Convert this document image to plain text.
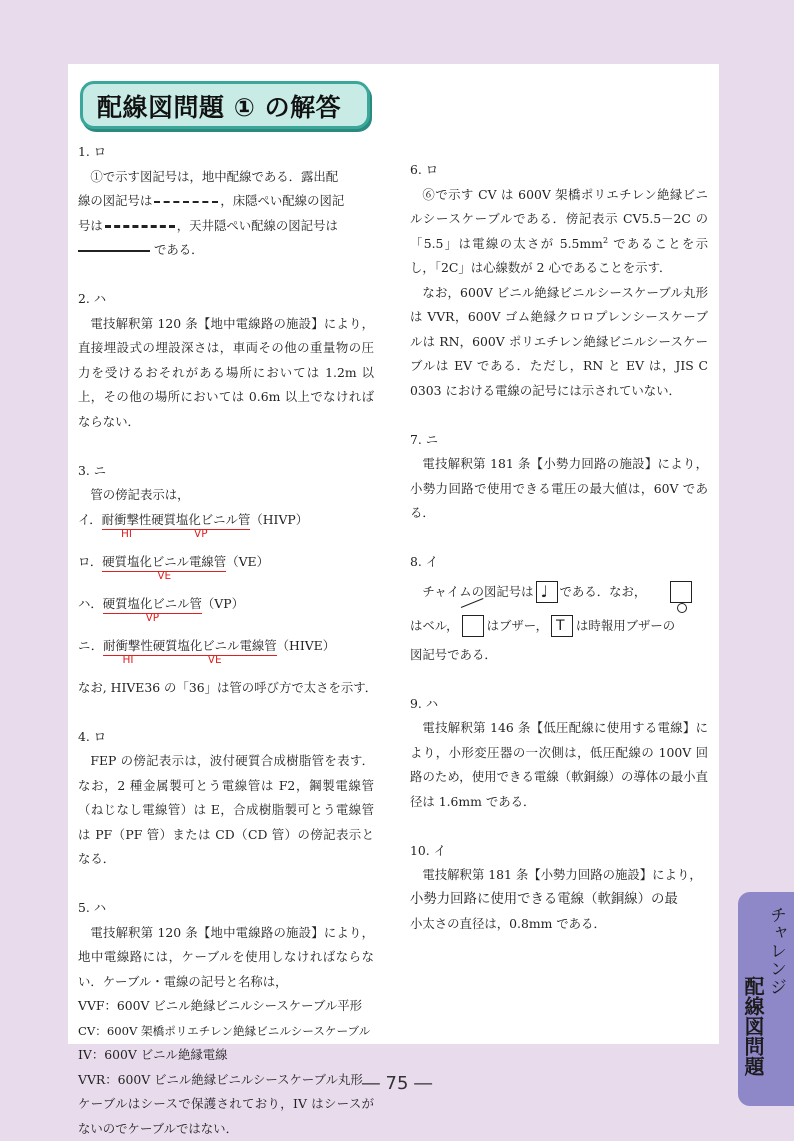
配線図問題 ① の解答
1. ロ
①で示す図記号は，地中配線である．露出配
線の図記号は	，床隠ぺい配線の図記
号は	，天井隠ぺい配線の図記号は
である．
2. ハ
電技解釈第 120 条【地中電線路の施設】により，直接埋設式の埋設深さは，車両その他の重量物の圧力を受けるおそれがある場所においては 1.2m 以上，その他の場所においては 0.6m 以上でなければならない．
3. ニ
管の傍記表示は，
イ．耐衝撃性
HI
硬質塩化ビニル管
VP
（HIVP）
ロ．硬質塩化ビニル電線管
VE
（VE）
ハ．硬質塩化ビニル管
VP
（VP）
ニ．耐衝撃性
HI
硬質塩化ビニル電線管
VE
（HIVE）
なお, HIVE36 の「36」は管の呼び方で太さを示す．
4. ロ
FEP の傍記表示は，波付硬質合成樹脂管を表す．なお，2 種金属製可とう電線管は F2，鋼製電線管（ねじなし電線管）は E，合成樹脂製可とう電線管は PF（PF 管）または CD（CD 管）の傍記表示となる．
5. ハ
電技解釈第 120 条【地中電線路の施設】により，地中電線路には，ケーブルを使用しなければならない．ケーブル・電線の記号と名称は，
VVF：600V ビニル絶縁ビニルシースケーブル平形
CV：600V 架橋ポリエチレン絶縁ビニルシースケーブル
IV：600V ビニル絶縁電線
VVR：600V ビニル絶縁ビニルシースケーブル丸形
ケーブルはシースで保護されており，IV はシースがないのでケーブルではない．
6. ロ
⑥で示す CV は 600V 架橋ポリエチレン絶縁ビニルシースケーブルである．傍記表示 CV5.5－2C の「5.5」は電線の太さが $5.5mm^2$ であることを示し，「2C」は心線数が 2 心であることを示す．
なお，600V ビニル絶縁ビニルシースケーブル丸形は VVR，600V ゴム絶縁クロロプレンシースケーブルは RN，600V ポリエチレン絶縁ビニルシースケーブルは EV である．ただし，RN と EV は，JIS C 0303 における電線の記号には示されていない．
7. ニ
電技解釈第 181 条【小勢力回路の施設】により，小勢力回路で使用できる電圧の最大値は，60V である．
8. イ
チャイムの図記号は ♩ である．なお，
はベル， はブザー， T は時報用ブザーの
図記号である．
9. ハ
電技解釈第 146 条【低圧配線に使用する電線】により，小形変圧器の一次側は，低圧配線の 100V 回路のため，使用できる電線（軟銅線）の導体の最小直径は 1.6mm である．
10. イ
電技解釈第 181 条【小勢力回路の施設】により，
小勢力回路に使用できる電線（軟銅線）の最
小太さの直径は，0.8mm である．	チャレンジ
配線図問題
― 75 ―
